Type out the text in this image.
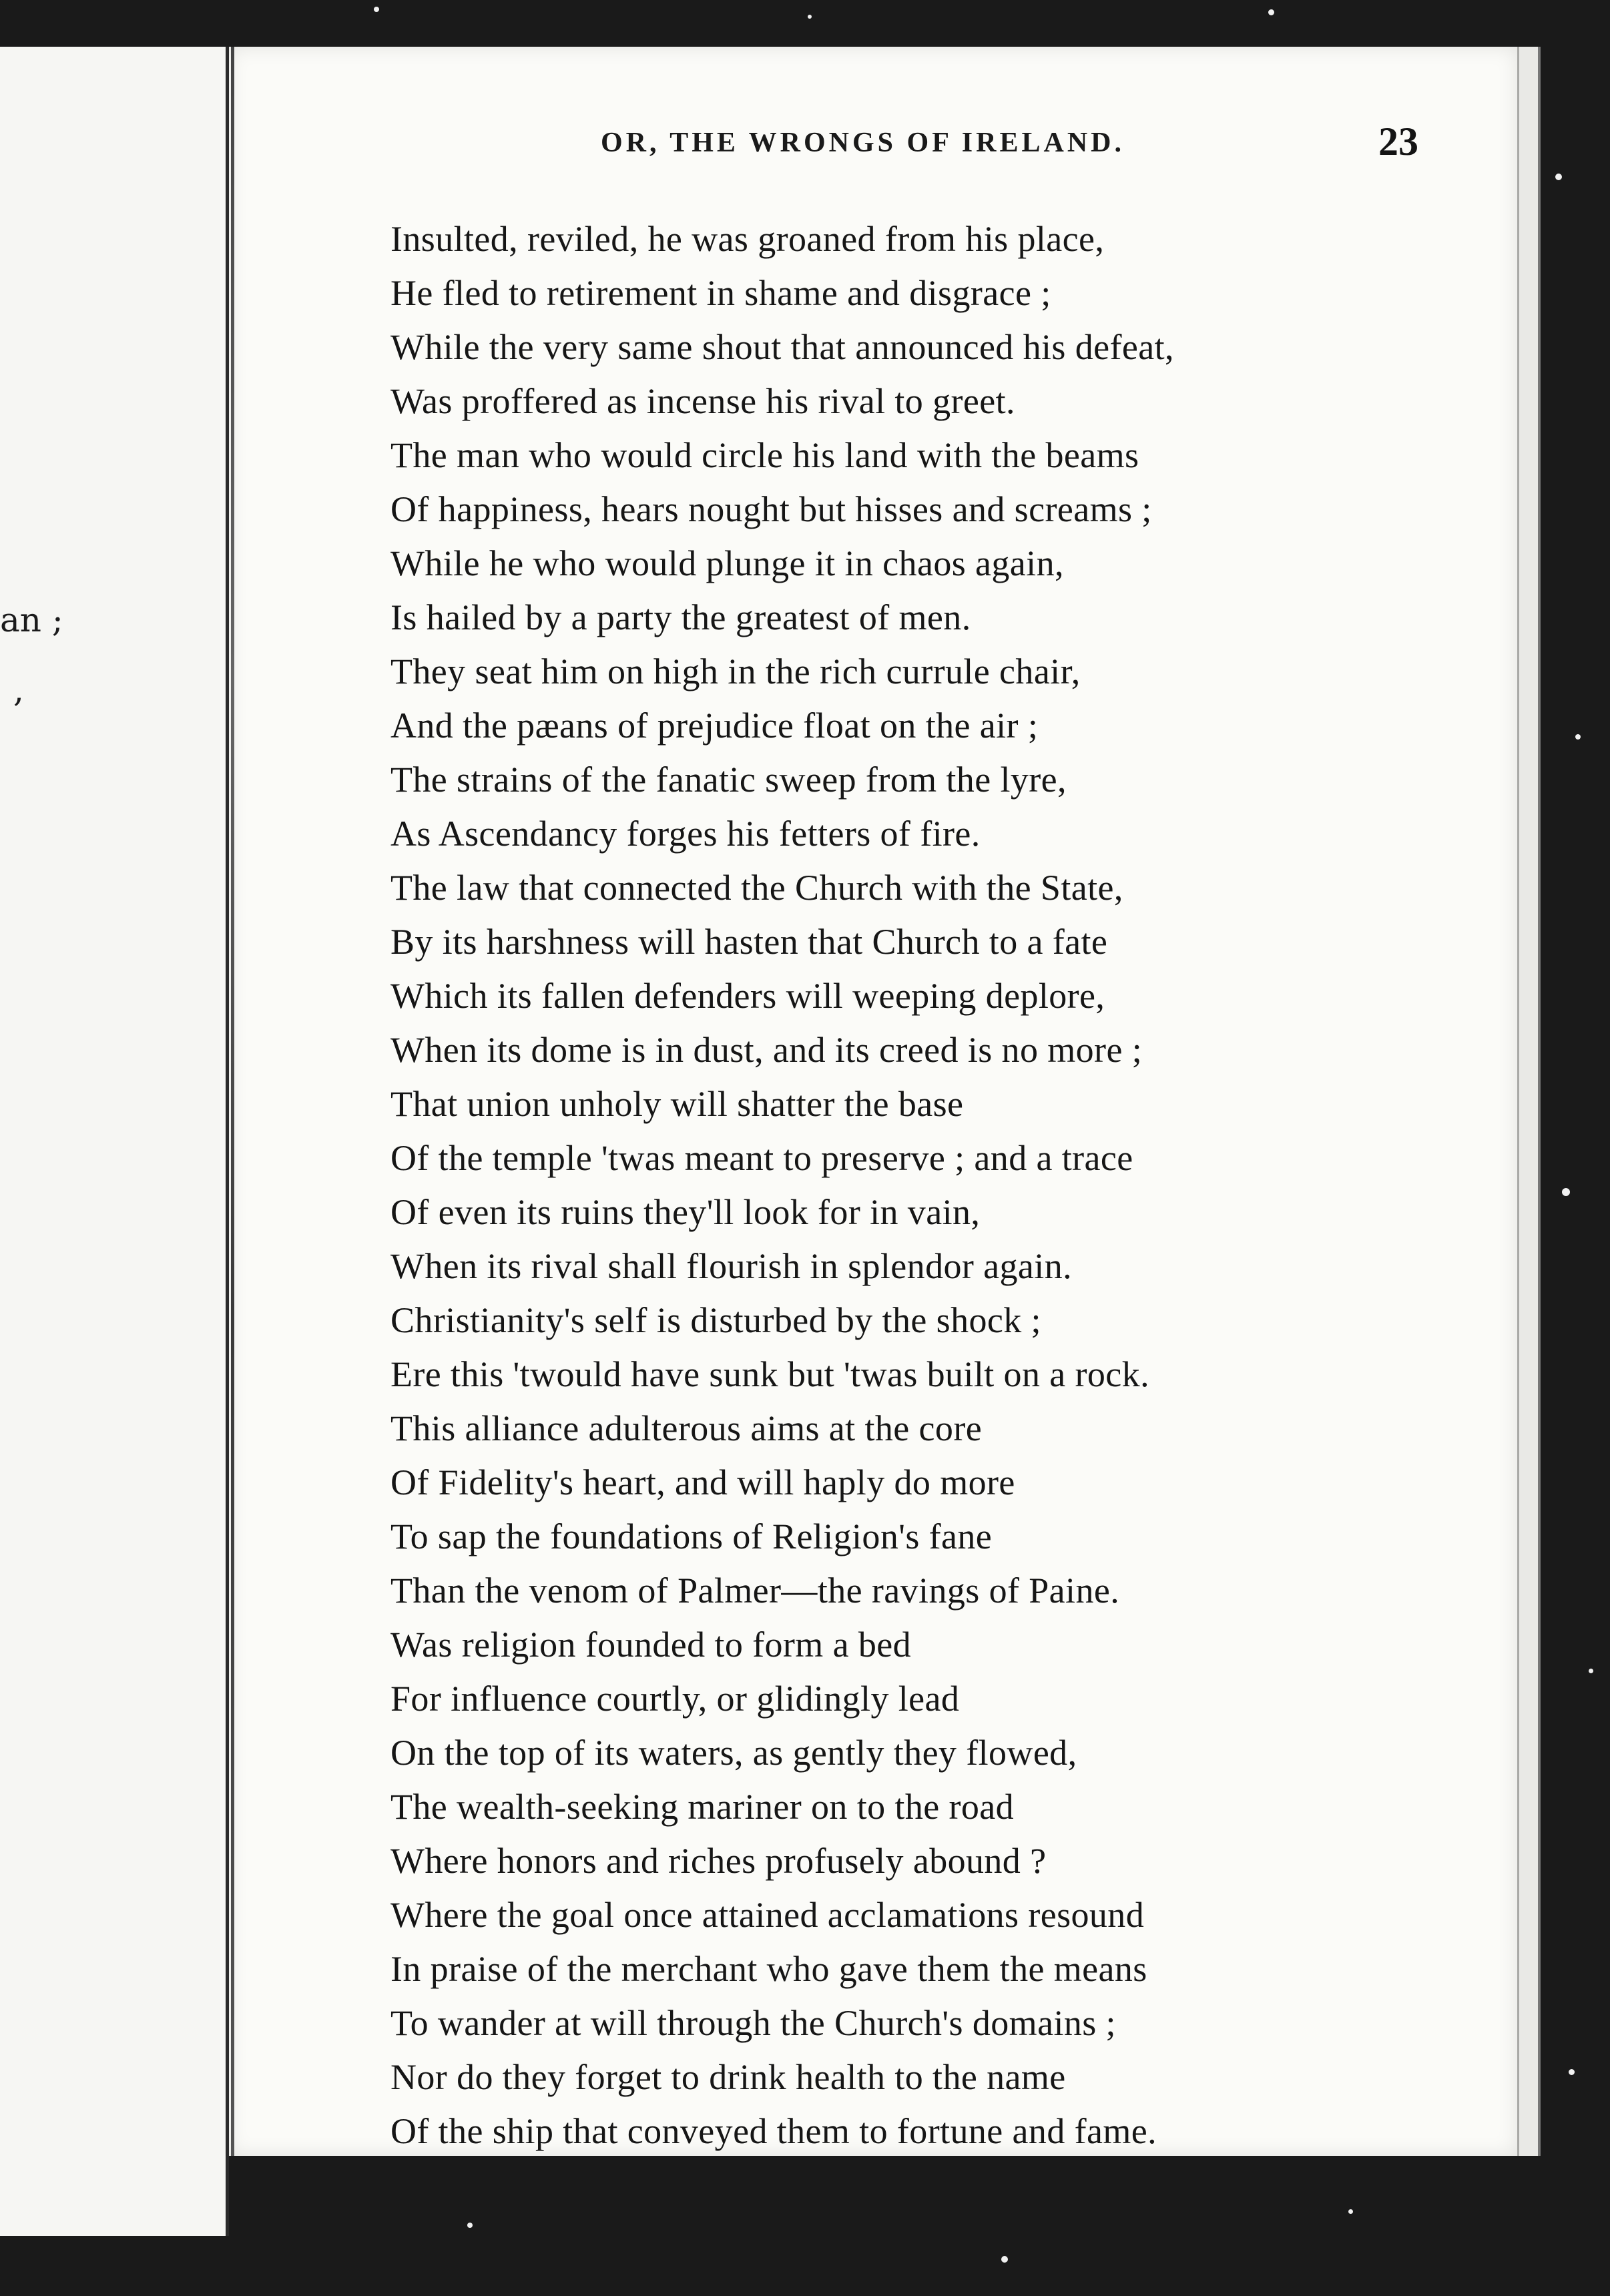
an ;
,
OR, THE WRONGS OF IRELAND.	23
Insulted, reviled, he was groaned from his place,
He fled to retirement in shame and disgrace ;
While the very same shout that announced his defeat,
Was proffered as incense his rival to greet.
The man who would circle his land with the beams
Of happiness, hears nought but hisses and screams ;
While he who would plunge it in chaos again,
Is hailed by a party the greatest of men.
They seat him on high in the rich currule chair,
And the pæans of prejudice float on the air ;
The strains of the fanatic sweep from the lyre,
As Ascendancy forges his fetters of fire.
The law that connected the Church with the State,
By its harshness will hasten that Church to a fate
Which its fallen defenders will weeping deplore,
When its dome is in dust, and its creed is no more ;
That union unholy will shatter the base
Of the temple 'twas meant to preserve ; and a trace
Of even its ruins they'll look for in vain,
When its rival shall flourish in splendor again.
Christianity's self is disturbed by the shock ;
Ere this 'twould have sunk but 'twas built on a rock.
This alliance adulterous aims at the core
Of Fidelity's heart, and will haply do more
To sap the foundations of Religion's fane
Than the venom of Palmer—the ravings of Paine.
Was religion founded to form a bed
For influence courtly, or glidingly lead
On the top of its waters, as gently they flowed,
The wealth-seeking mariner on to the road
Where honors and riches profusely abound ?
Where the goal once attained acclamations resound
In praise of the merchant who gave them the means
To wander at will through the Church's domains ;
Nor do they forget to drink health to the name
Of the ship that conveyed them to fortune and fame.
